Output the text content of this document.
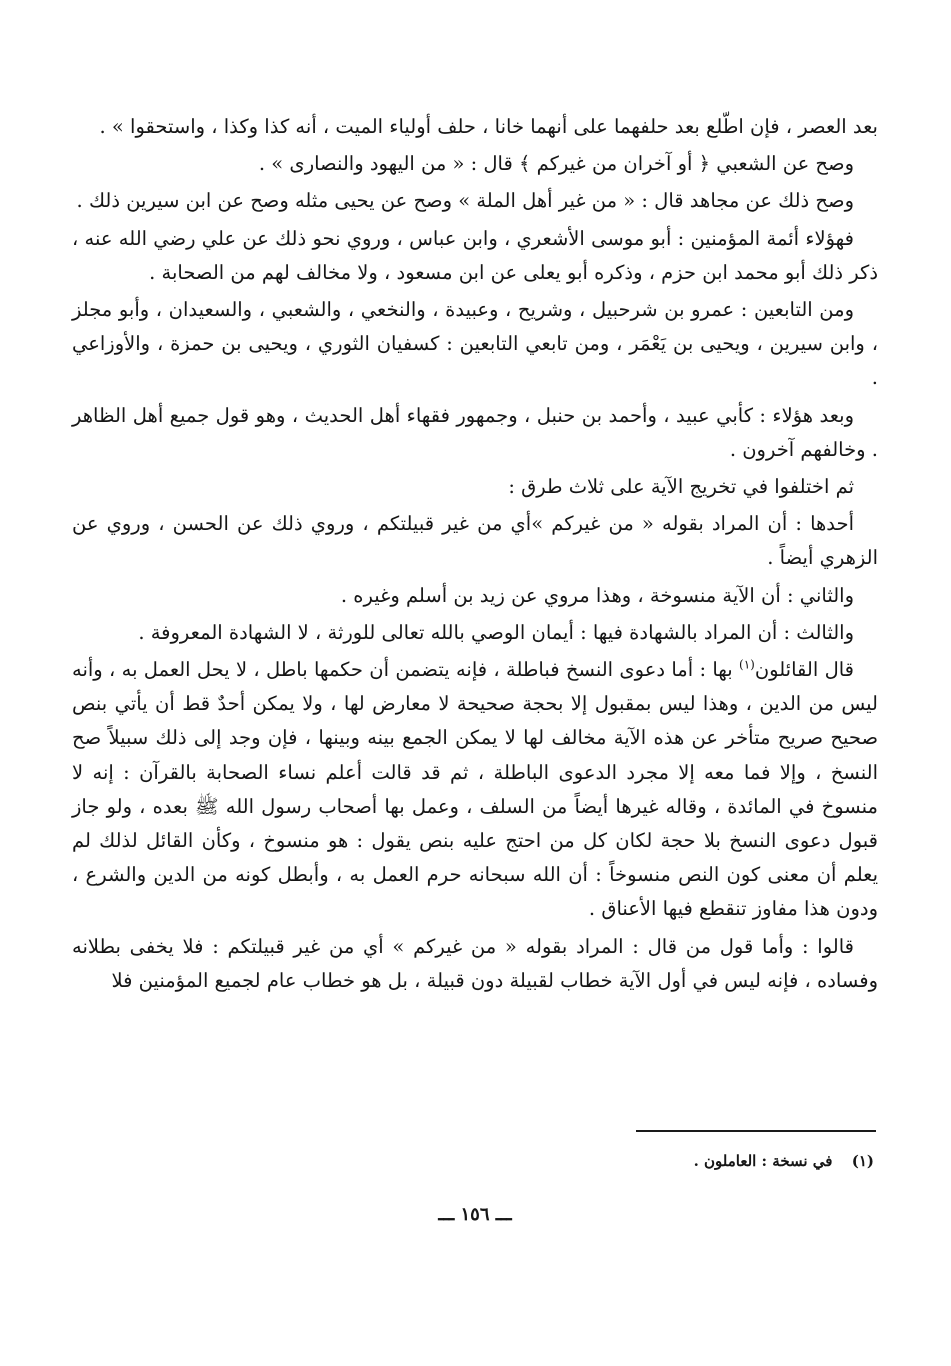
بعد العصر ، فإن اطّلع بعد حلفهما على أنهما خانا ، حلف أولياء الميت ، أنه كذا وكذا ، واستحقوا » .

وصح عن الشعبي ﴿ أو آخران من غيركم ﴾ قال : « من اليهود والنصارى » .

وصح ذلك عن مجاهد قال : « من غير أهل الملة » وصح عن يحيى مثله وصح عن ابن سيرين ذلك .

فهؤلاء أئمة المؤمنين : أبو موسى الأشعري ، وابن عباس ، وروي نحو ذلك عن علي رضي الله عنه ، ذكر ذلك أبو محمد ابن حزم ، وذكره أبو يعلى عن ابن مسعود ، ولا مخالف لهم من الصحابة .

ومن التابعين : عمرو بن شرحبيل ، وشريح ، وعبيدة ، والنخعي ، والشعبي ، والسعيدان ، وأبو مجلز ، وابن سيرين ، ويحيى بن يَعْمَر ، ومن تابعي التابعين : كسفيان الثوري ، ويحيى بن حمزة ، والأوزاعي .

وبعد هؤلاء : كأبي عبيد ، وأحمد بن حنبل ، وجمهور فقهاء أهل الحديث ، وهو قول جميع أهل الظاهر . وخالفهم آخرون .

ثم اختلفوا في تخريج الآية على ثلاث طرق :

أحدها : أن المراد بقوله « من غيركم »أي من غير قبيلتكم ، وروي ذلك عن الحسن ، وروي عن الزهري أيضاً .

والثاني : أن الآية منسوخة ، وهذا مروي عن زيد بن أسلم وغيره .

والثالث : أن المراد بالشهادة فيها : أيمان الوصي بالله تعالى للورثة ، لا الشهادة المعروفة .

قال القائلون$^{(١)}$ بها : أما دعوى النسخ فباطلة ، فإنه يتضمن أن حكمها باطل ، لا يحل العمل به ، وأنه ليس من الدين ، وهذا ليس بمقبول إلا بحجة صحيحة لا معارض لها ، ولا يمكن أحدٌ قط أن يأتي بنص صحيح صريح متأخر عن هذه الآية مخالف لها لا يمكن الجمع بينه وبينها ، فإن وجد إلى ذلك سبيلاً صح النسخ ، وإلا فما معه إلا مجرد الدعوى الباطلة ، ثم قد قالت أعلم نساء الصحابة بالقرآن : إنه لا منسوخ في المائدة ، وقاله غيرها أيضاً من السلف ، وعمل بها أصحاب رسول الله ﷺ بعده ، ولو جاز قبول دعوى النسخ بلا حجة لكان كل من احتج عليه بنص يقول : هو منسوخ ، وكأن القائل لذلك لم يعلم أن معنى كون النص منسوخاً : أن الله سبحانه حرم العمل به ، وأبطل كونه من الدين والشرع ، ودون هذا مفاوز تنقطع فيها الأعناق .

قالوا : وأما قول من قال : المراد بقوله « من غيركم » أي من غير قبيلتكم : فلا يخفى بطلانه وفساده ، فإنه ليس في أول الآية خطاب لقبيلة دون قبيلة ، بل هو خطاب عام لجميع المؤمنين فلا

(١) في نسخة : العاملون .
ـــ ١٥٦ ـــ
